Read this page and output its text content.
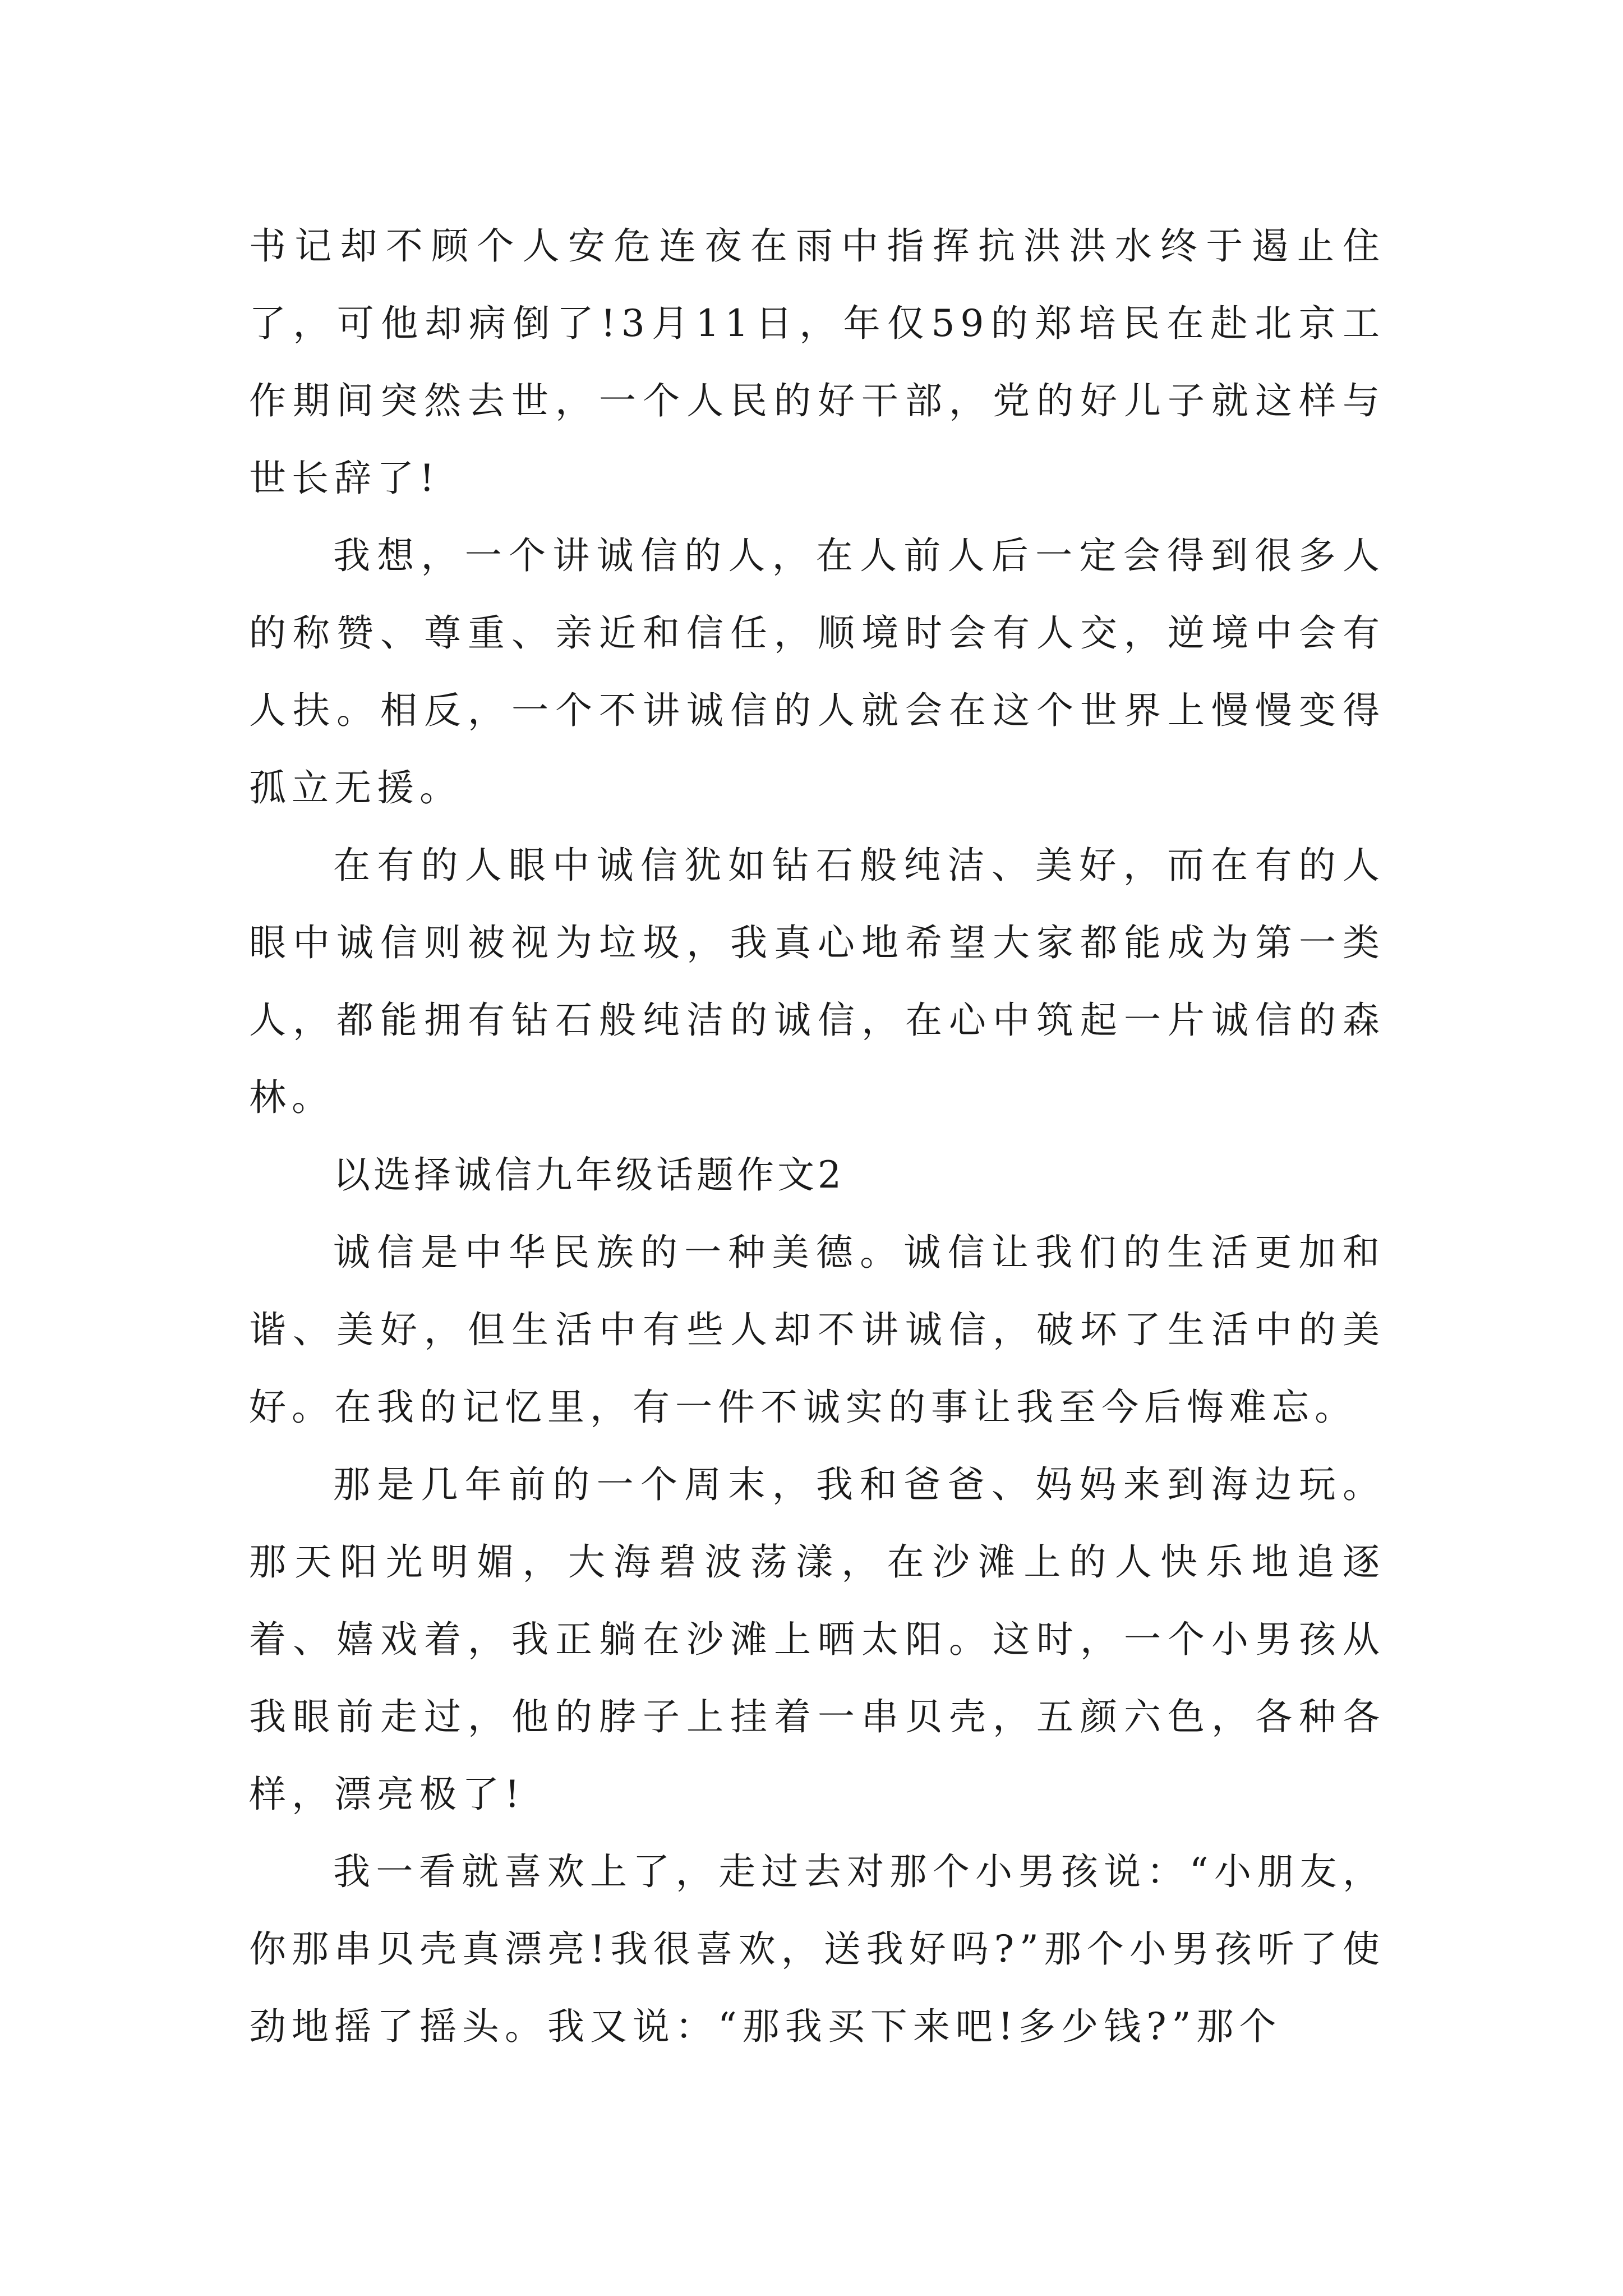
书记却不顾个人安危连夜在雨中指挥抗洪洪水终于遏止住了，可他却病倒了!3月11日，年仅59的郑培民在赴北京工作期间突然去世，一个人民的好干部，党的好儿子就这样与世长辞了!

我想，一个讲诚信的人，在人前人后一定会得到很多人的称赞、尊重、亲近和信任，顺境时会有人交，逆境中会有人扶。相反，一个不讲诚信的人就会在这个世界上慢慢变得孤立无援。

在有的人眼中诚信犹如钻石般纯洁、美好，而在有的人眼中诚信则被视为垃圾，我真心地希望大家都能成为第一类人，都能拥有钻石般纯洁的诚信，在心中筑起一片诚信的森林。

以选择诚信九年级话题作文2

诚信是中华民族的一种美德。诚信让我们的生活更加和谐、美好，但生活中有些人却不讲诚信，破坏了生活中的美好。在我的记忆里，有一件不诚实的事让我至今后悔难忘。

那是几年前的一个周末，我和爸爸、妈妈来到海边玩。那天阳光明媚，大海碧波荡漾，在沙滩上的人快乐地追逐着、嬉戏着，我正躺在沙滩上晒太阳。这时，一个小男孩从我眼前走过，他的脖子上挂着一串贝壳，五颜六色，各种各样，漂亮极了!

我一看就喜欢上了，走过去对那个小男孩说：“小朋友，你那串贝壳真漂亮!我很喜欢，送我好吗?”那个小男孩听了使劲地摇了摇头。我又说：“那我买下来吧!多少钱?”那个
